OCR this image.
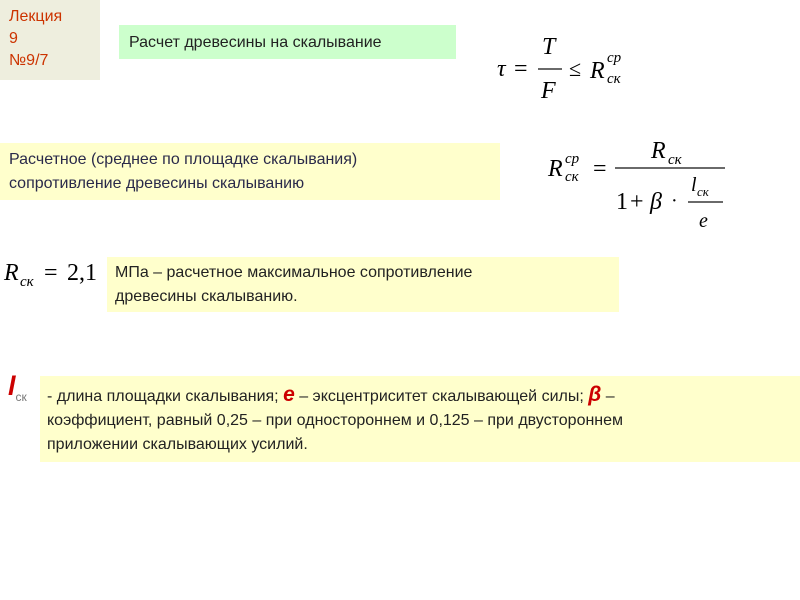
Лекция
9
№9/7
Расчет древесины на скалывание
τ =
T
F
≤ R ср
ск
Расчетное (среднее по площадке скалывания)
сопротивление древесины скалыванию
R ср
ск =
R ск
1 + β ·
l ск
e
R ск = 2,1 МПа – расчетное максимальное сопротивление
древесины скалыванию.
$l_{ск}$ - длина площадки скалывания; e – эксцентриситет скалывающей силы; β –
коэффициент, равный 0,25 – при одностороннем и 0,125 – при двустороннем
приложении скалывающих усилий.
